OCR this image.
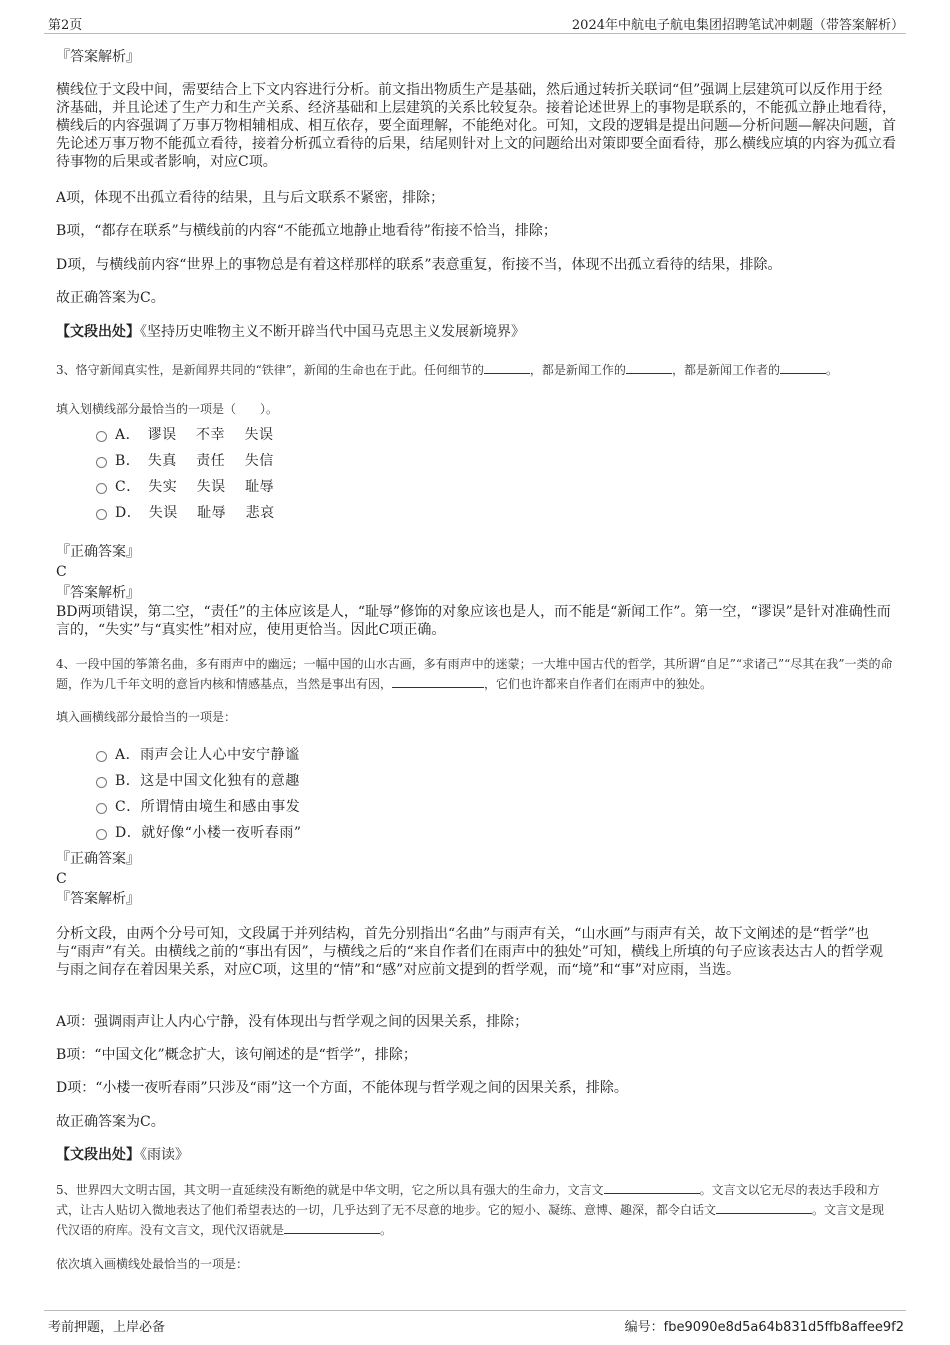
第2页	2024年中航电子航电集团招聘笔试冲刺题（带答案解析）
『答案解析』
横线位于文段中间，需要结合上下文内容进行分析。前文指出物质生产是基础，然后通过转折关联词“但”强调上层建筑可以反作用于经济基础，并且论述了生产力和生产关系、经济基础和上层建筑的关系比较复杂。接着论述世界上的事物是联系的，不能孤立静止地看待，横线后的内容强调了万事万物相辅相成、相互依存，要全面理解，不能绝对化。可知，文段的逻辑是提出问题—分析问题—解决问题，首先论述万事万物不能孤立看待，接着分析孤立看待的后果，结尾则针对上文的问题给出对策即要全面看待，那么横线应填的内容为孤立看待事物的后果或者影响，对应C项。
A项，体现不出孤立看待的结果，且与后文联系不紧密，排除；
B项，“都存在联系”与横线前的内容“不能孤立地静止地看待”衔接不恰当，排除；
D项，与横线前内容“世界上的事物总是有着这样那样的联系”表意重复，衔接不当，体现不出孤立看待的结果，排除。
故正确答案为C。
【文段出处】《坚持历史唯物主义不断开辟当代中国马克思主义发展新境界》
3、恪守新闻真实性，是新闻界共同的“铁律”，新闻的生命也在于此。任何细节的	，都是新闻工作的	，都是新闻工作者的	。
填入划横线部分最恰当的一项是（　　）。
A．　谬误　 不幸　 失误
B．　失真　 责任　 失信
C．　失实　 失误　 耻辱
D．　失误　 耻辱　 悲哀
『正确答案』
C
『答案解析』
BD两项错误，第二空，“责任”的主体应该是人，“耻辱”修饰的对象应该也是人，而不能是“新闻工作”。第一空，“谬误”是针对准确性而言的，“失实”与“真实性”相对应，使用更恰当。因此C项正确。
4、一段中国的筝箫名曲，多有雨声中的幽远；一幅中国的山水古画，多有雨声中的迷蒙；一大堆中国古代的哲学，其所谓“自足”“求诸己”“尽其在我”一类的命题，作为几千年文明的意旨内核和情感基点，当然是事出有因，	，它们也许都来自作者们在雨声中的独处。
填入画横线部分最恰当的一项是：
A．雨声会让人心中安宁静谧
B．这是中国文化独有的意趣
C．所谓情由境生和感由事发
D．就好像“小楼一夜听春雨”
『正确答案』
C
『答案解析』
分析文段，由两个分号可知，文段属于并列结构，首先分别指出“名曲”与雨声有关，“山水画”与雨声有关，故下文阐述的是“哲学”也与“雨声”有关。由横线之前的“事出有因”，与横线之后的“来自作者们在雨声中的独处”可知，横线上所填的句子应该表达古人的哲学观与雨之间存在着因果关系，对应C项，这里的“情”和“感”对应前文提到的哲学观，而“境”和“事”对应雨，当选。
A项：强调雨声让人内心宁静，没有体现出与哲学观之间的因果关系，排除；
B项：“中国文化”概念扩大，该句阐述的是“哲学”，排除；
D项：“小楼一夜听春雨”只涉及“雨”这一个方面，不能体现与哲学观之间的因果关系，排除。
故正确答案为C。
【文段出处】《雨读》
5、世界四大文明古国，其文明一直延续没有断绝的就是中华文明，它之所以具有强大的生命力，文言文	。文言文以它无尽的表达手段和方式，让古人贴切入微地表达了他们希望表达的一切，几乎达到了无不尽意的地步。它的短小、凝练、意博、趣深，都令白话文	。文言文是现代汉语的府库。没有文言文，现代汉语就是	。
依次填入画横线处最恰当的一项是：
考前押题，上岸必备	编号：fbe9090e8d5a64b831d5ffb8affee9f2
